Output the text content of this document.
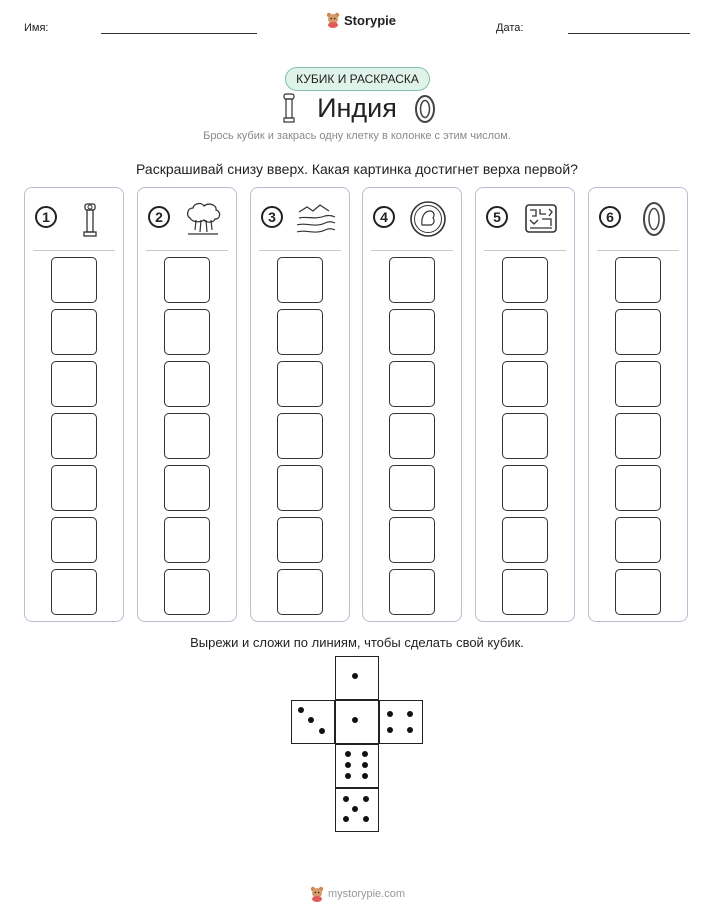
Имя:
Storypie
Дата:
КУБИК И РАСКРАСКА
Индия
Брось кубик и закрась одну клетку в колонке с этим числом.
Раскрашивай снизу вверх. Какая картинка достигнет верха первой?
1	2	3	4	5	6
Вырежи и сложи по линиям, чтобы сделать свой кубик.
mystorypie.com
